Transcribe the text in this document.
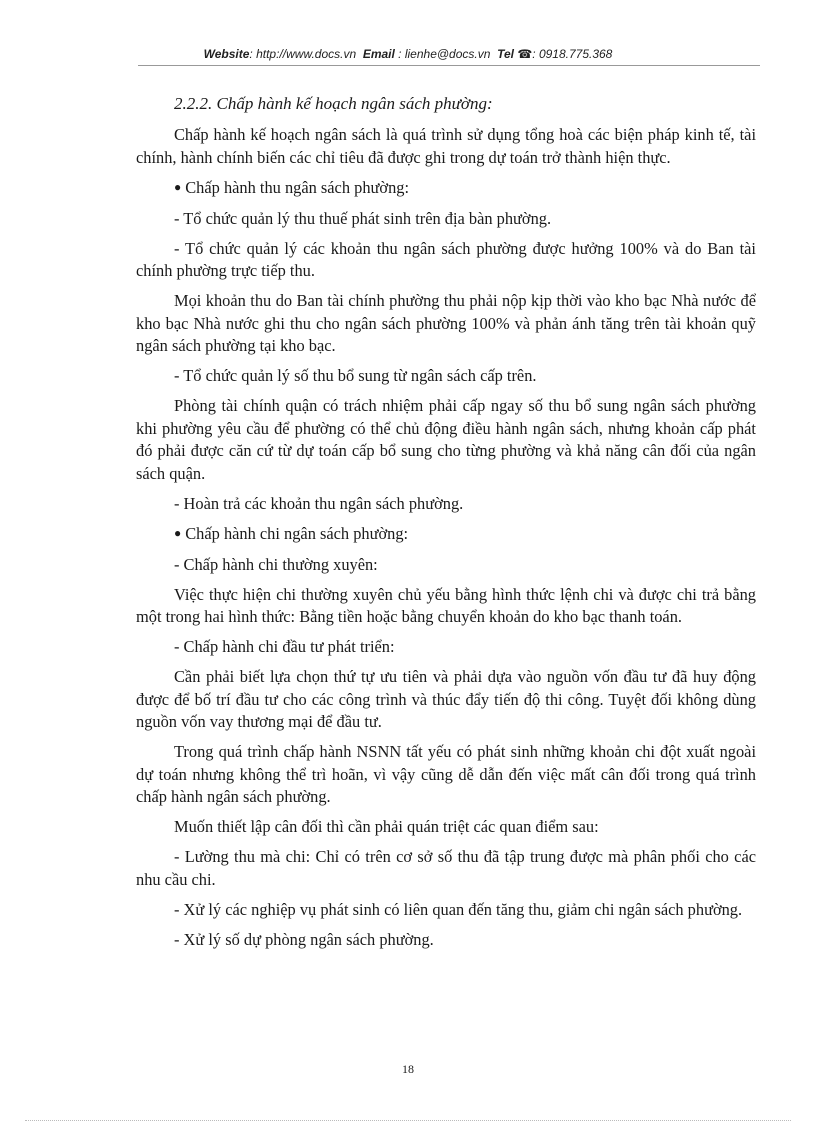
Website: http://www.docs.vn Email : lienhe@docs.vn Tel ☎: 0918.775.368
2.2.2. Chấp hành kế hoạch ngân sách phường:
Chấp hành kế hoạch ngân sách là quá trình sử dụng tổng hoà các biện pháp kinh tế, tài chính, hành chính biến các chỉ tiêu đã được ghi trong dự toán trở thành hiện thực.
● Chấp hành thu ngân sách phường:
- Tổ chức quản lý thu thuế phát sinh trên địa bàn phường.
- Tổ chức quản lý các khoản thu ngân sách phường được hưởng 100% và do Ban tài chính phường trực tiếp thu.
Mọi khoản thu do Ban tài chính phường thu phải nộp kịp thời vào kho bạc Nhà nước để kho bạc Nhà nước ghi thu cho ngân sách phường 100% và phản ánh tăng trên tài khoản quỹ ngân sách phường tại kho bạc.
- Tổ chức quản lý số thu bổ sung từ ngân sách cấp trên.
Phòng tài chính quận có trách nhiệm phải cấp ngay số thu bổ sung ngân sách phường khi phường yêu cầu để phường có thể chủ động điều hành ngân sách, nhưng khoản cấp phát đó phải được căn cứ từ dự toán cấp bổ sung cho từng phường và khả năng cân đối của ngân sách quận.
- Hoàn trả các khoản thu ngân sách phường.
● Chấp hành chi ngân sách phường:
- Chấp hành chi thường xuyên:
Việc thực hiện chi thường xuyên chủ yếu bằng hình thức lệnh chi và được chi trả bằng một trong hai hình thức: Bằng tiền hoặc bằng chuyển khoản do kho bạc thanh toán.
- Chấp hành chi đầu tư phát triển:
Cần phải biết lựa chọn thứ tự ưu tiên và phải dựa vào nguồn vốn đầu tư đã huy động được để bố trí đầu tư cho các công trình và thúc đẩy tiến độ thi công. Tuyệt đối không dùng nguồn vốn vay thương mại để đầu tư.
Trong quá trình chấp hành NSNN tất yếu có phát sinh những khoản chi đột xuất ngoài dự toán nhưng không thể trì hoãn, vì vậy cũng dễ dẫn đến việc mất cân đối trong quá trình chấp hành ngân sách phường.
Muốn thiết lập cân đối thì cần phải quán triệt các quan điểm sau:
- Lường thu mà chi: Chỉ có trên cơ sở số thu đã tập trung được mà phân phối cho các nhu cầu chi.
- Xử lý các nghiệp vụ phát sinh có liên quan đến tăng thu, giảm chi ngân sách phường.
- Xử lý số dự phòng ngân sách phường.
18
